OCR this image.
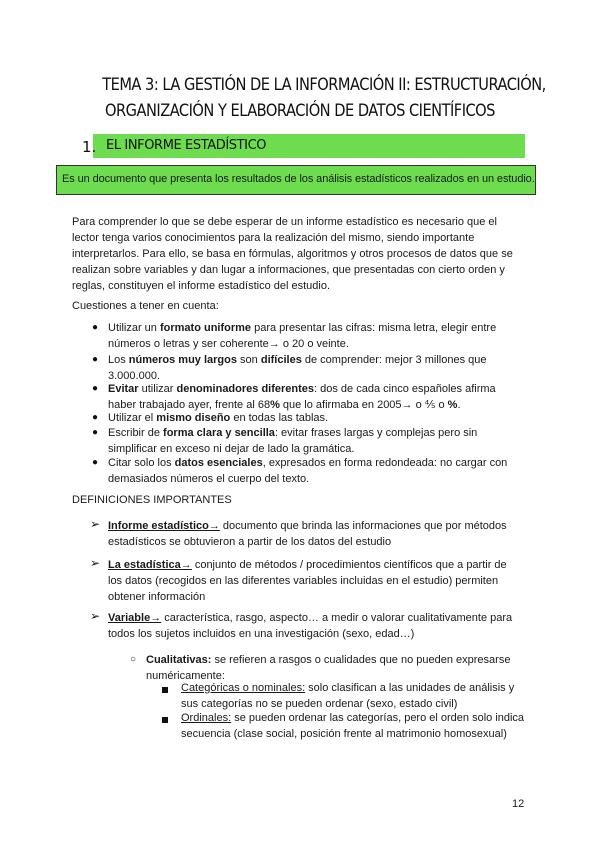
TEMA 3: LA GESTIÓN DE LA INFORMACIÓN II: ESTRUCTURACIÓN,
ORGANIZACIÓN Y ELABORACIÓN DE DATOS CIENTÍFICOS
1. EL INFORME ESTADÍSTICO
Es un documento que presenta los resultados de los análisis estadísticos realizados en un estudio.
Para comprender lo que se debe esperar de un informe estadístico es necesario que el
lector tenga varios conocimientos para la realización del mismo, siendo importante
interpretarlos. Para ello, se basa en fórmulas, algoritmos y otros procesos de datos que se
realizan sobre variables y dan lugar a informaciones, que presentadas con cierto orden y
reglas, constituyen el informe estadístico del estudio.
Cuestiones a tener en cuenta:
● Utilizar un formato uniforme para presentar las cifras: misma letra, elegir entre
números o letras y ser coherente→ o 20 o veinte.
● Los números muy largos son difíciles de comprender: mejor 3 millones que
3.000.000.
● Evitar utilizar denominadores diferentes: dos de cada cinco españoles afirma
haber trabajado ayer, frente al 68% que lo afirmaba en 2005→ o ⅘ o %.
● Utilizar el mismo diseño en todas las tablas.
● Escribir de forma clara y sencilla: evitar frases largas y complejas pero sin
simplificar en exceso ni dejar de lado la gramática.
● Citar solo los datos esenciales, expresados en forma redondeada: no cargar con
demasiados números el cuerpo del texto.
DEFINICIONES IMPORTANTES
➢ Informe estadístico→ documento que brinda las informaciones que por métodos
estadísticos se obtuvieron a partir de los datos del estudio
➢ La estadística→ conjunto de métodos / procedimientos científicos que a partir de
los datos (recogidos en las diferentes variables incluidas en el estudio) permiten
obtener información
➢ Variable→ característica, rasgo, aspecto… a medir o valorar cualitativamente para
todos los sujetos incluidos en una investigación (sexo, edad…)
○ Cualitativas: se refieren a rasgos o cualidades que no pueden expresarse
numéricamente:
Categóricas o nominales: solo clasifican a las unidades de análisis y
sus categorías no se pueden ordenar (sexo, estado civil)
Ordinales: se pueden ordenar las categorías, pero el orden solo indica
secuencia (clase social, posición frente al matrimonio homosexual)
12
